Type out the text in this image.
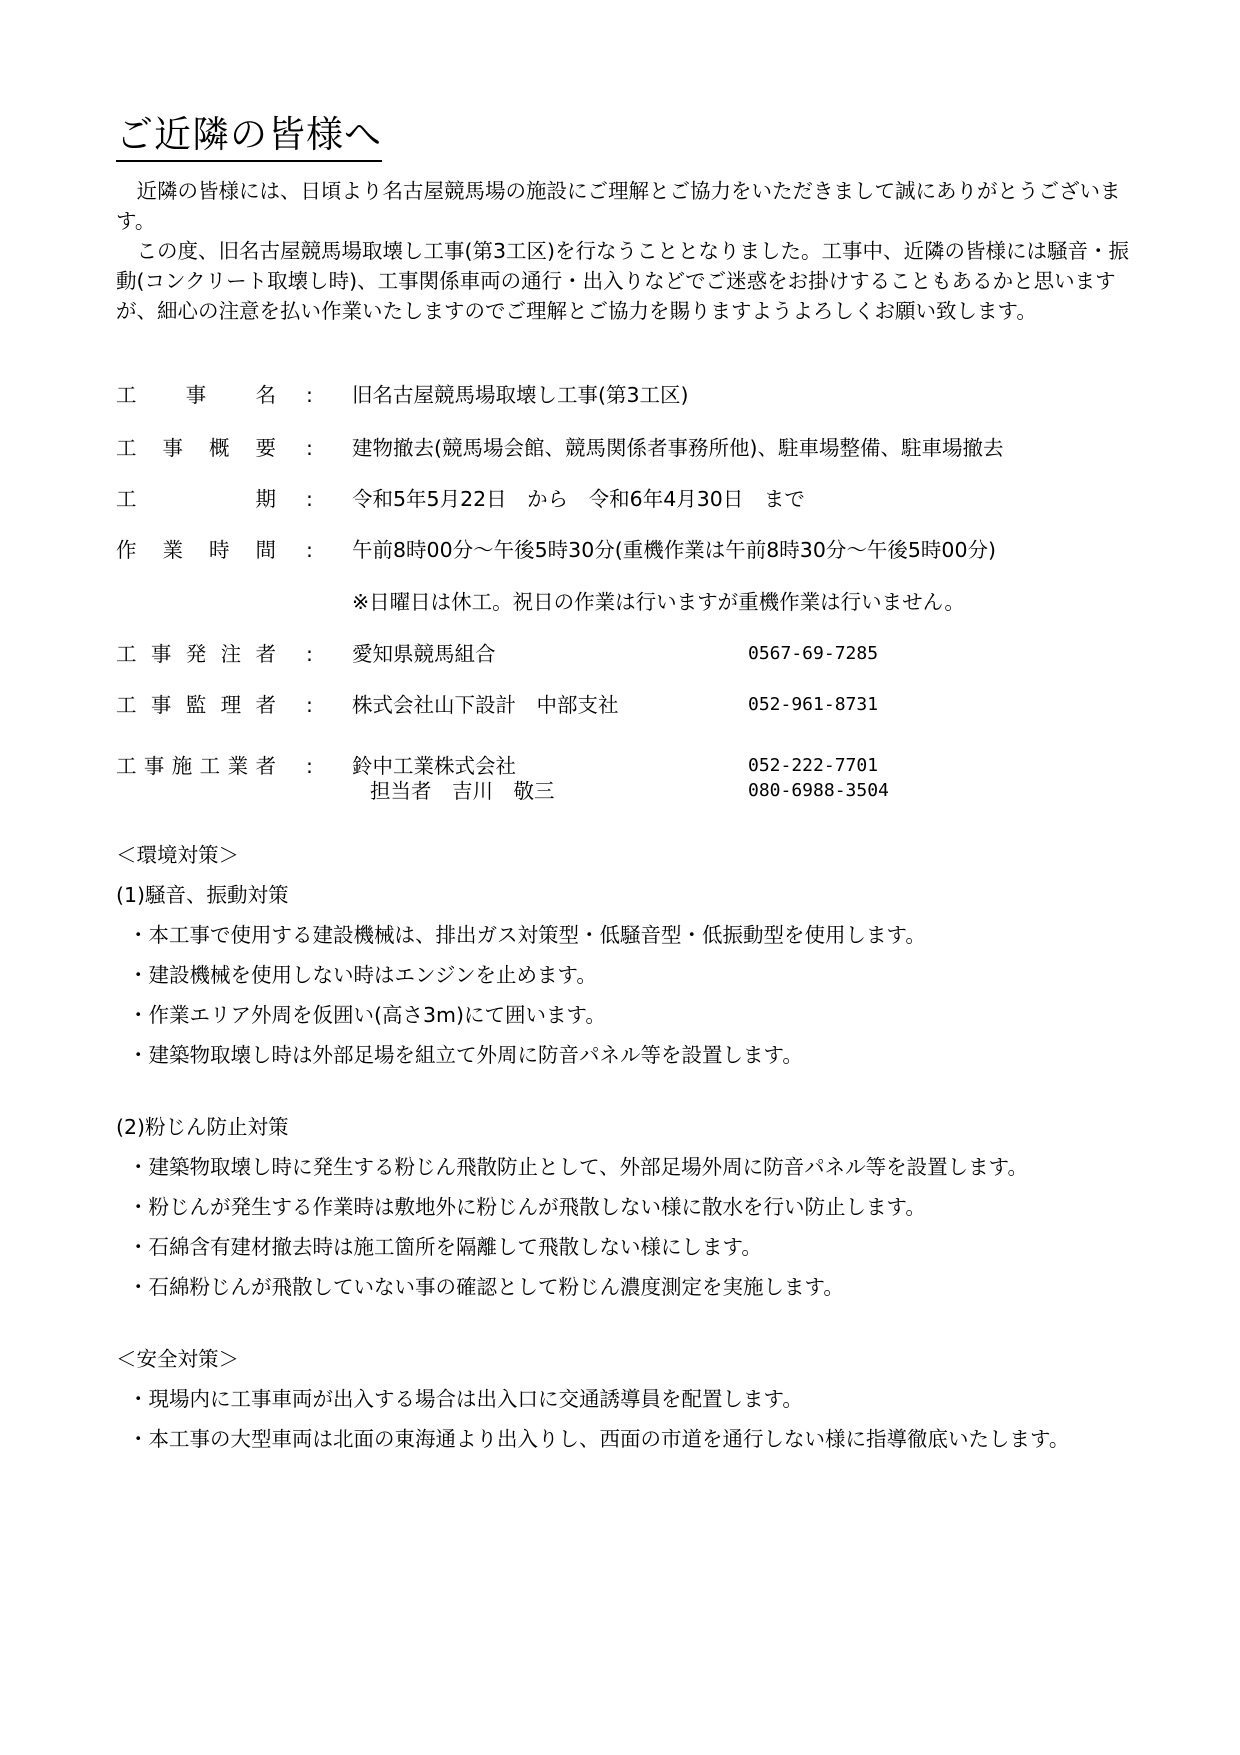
ご近隣の皆様へ

近隣の皆様には、日頃より名古屋競馬場の施設にご理解とご協力をいただきまして誠にありがとうございます。

この度、旧名古屋競馬場取壊し工事(第3工区)を行なうこととなりました。工事中、近隣の皆様には騒音・振動(コンクリート取壊し時)、工事関係車両の通行・出入りなどでご迷惑をお掛けすることもあるかと思いますが、細心の注意を払い作業いたしますのでご理解とご協力を賜りますようよろしくお願い致します。

工 事 名 : 旧名古屋競馬場取壊し工事(第3工区)
工 事 概 要 : 建物撤去(競馬場会館、競馬関係者事務所他)、駐車場整備、駐車場撤去
工	期 : 令和5年5月22日　から　令和6年4月30日　まで
作 業 時 間 : 午前8時00分～午後5時30分(重機作業は午前8時30分～午後5時00分)
※日曜日は休工。祝日の作業は行いますが重機作業は行いません。
工 事 発 注 者 : 愛知県競馬組合	0567-69-7285
工 事 監 理 者 : 株式会社山下設計　中部支社	052-961-8731
工 事 施 工 業 者 : 鈴中工業株式会社	052-222-7701
担当者　吉川　敬三	080-6988-3504
＜環境対策＞
(1)騒音、振動対策
・本工事で使用する建設機械は、排出ガス対策型・低騒音型・低振動型を使用します。
・建設機械を使用しない時はエンジンを止めます。
・作業エリア外周を仮囲い(高さ3m)にて囲います。
・建築物取壊し時は外部足場を組立て外周に防音パネル等を設置します。
(2)粉じん防止対策
・建築物取壊し時に発生する粉じん飛散防止として、外部足場外周に防音パネル等を設置します。
・粉じんが発生する作業時は敷地外に粉じんが飛散しない様に散水を行い防止します。
・石綿含有建材撤去時は施工箇所を隔離して飛散しない様にします。
・石綿粉じんが飛散していない事の確認として粉じん濃度測定を実施します。
＜安全対策＞
・現場内に工事車両が出入する場合は出入口に交通誘導員を配置します。
・本工事の大型車両は北面の東海通より出入りし、西面の市道を通行しない様に指導徹底いたします。
